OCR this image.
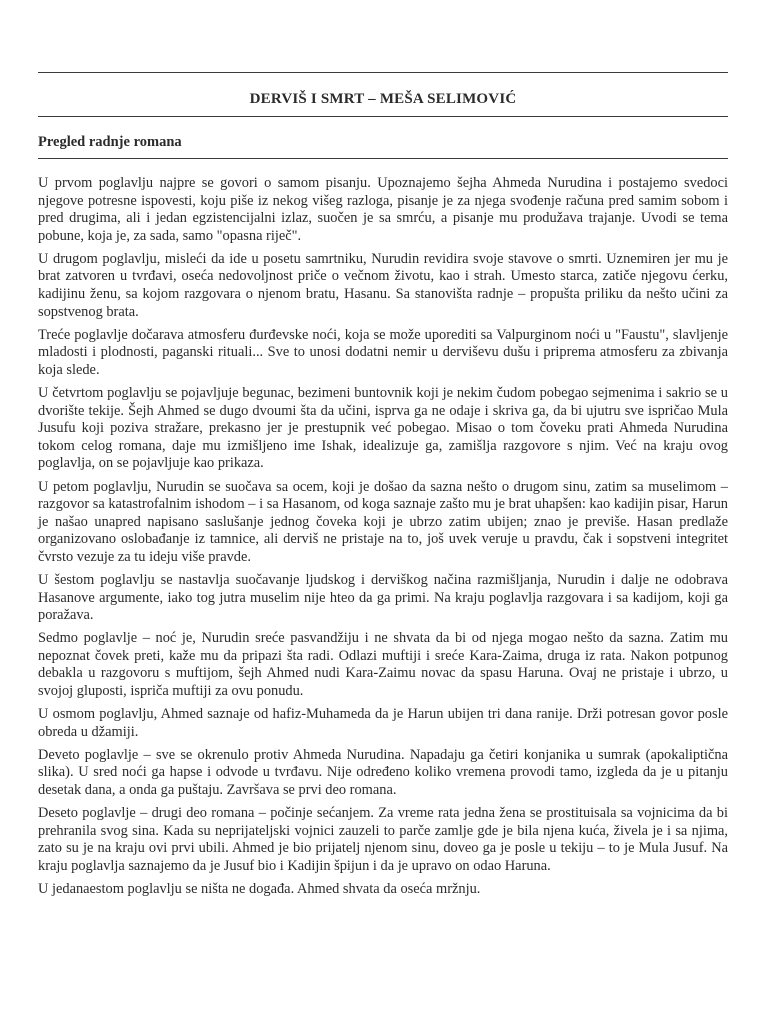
DERVIŠ I SMRT – MEŠA SELIMOVIĆ
Pregled radnje romana

U prvom poglavlju najpre se govori o samom pisanju. Upoznajemo šejha Ahmeda Nurudina i postajemo svedoci njegove potresne ispovesti, koju piše iz nekog višeg razloga, pisanje je za njega svođenje računa pred samim sobom i pred drugima, ali i jedan egzistencijalni izlaz, suočen je sa smrću, a pisanje mu produžava trajanje. Uvodi se tema pobune, koja je, za sada, samo "opasna riječ".

U drugom poglavlju, misleći da ide u posetu samrtniku, Nurudin revidira svoje stavove o smrti. Uznemiren jer mu je brat zatvoren u tvrđavi, oseća nedovoljnost priče o večnom životu, kao i strah. Umesto starca, zatiče njegovu ćerku, kadijinu ženu, sa kojom razgovara o njenom bratu, Hasanu. Sa stanovišta radnje – propušta priliku da nešto učini za sopstvenog brata.

Treće poglavlje dočarava atmosferu đurđevske noći, koja se može uporediti sa Valpurginom noći u "Faustu", slavljenje mladosti i plodnosti, paganski rituali... Sve to unosi dodatni nemir u derviševu dušu i priprema atmosferu za zbivanja koja slede.

U četvrtom poglavlju se pojavljuje begunac, bezimeni buntovnik koji je nekim čudom pobegao sejmenima i sakrio se u dvorište tekije. Šejh Ahmed se dugo dvoumi šta da učini, isprva ga ne odaje i skriva ga, da bi ujutru sve ispričao Mula Jusufu koji poziva stražare, prekasno jer je prestupnik već pobegao. Misao o tom čoveku prati Ahmeda Nurudina tokom celog romana, daje mu izmišljeno ime Ishak, idealizuje ga, zamišlja razgovore s njim. Već na kraju ovog poglavlja, on se pojavljuje kao prikaza.

U petom poglavlju, Nurudin se suočava sa ocem, koji je došao da sazna nešto o drugom sinu, zatim sa muselimom – razgovor sa katastrofalnim ishodom – i sa Hasanom, od koga saznaje zašto mu je brat uhapšen: kao kadijin pisar, Harun je našao unapred napisano saslušanje jednog čoveka koji je ubrzo zatim ubijen; znao je previše. Hasan predlaže organizovano oslobađanje iz tamnice, ali derviš ne pristaje na to, još uvek veruje u pravdu, čak i sopstveni integritet čvrsto vezuje za tu ideju više pravde.

U šestom poglavlju se nastavlja suočavanje ljudskog i derviškog načina razmišljanja, Nurudin i dalje ne odobrava Hasanove argumente, iako tog jutra muselim nije hteo da ga primi. Na kraju poglavlja razgovara i sa kadijom, koji ga poražava.

Sedmo poglavlje – noć je, Nurudin sreće pasvandžiju i ne shvata da bi od njega mogao nešto da sazna. Zatim mu nepoznat čovek preti, kaže mu da pripazi šta radi. Odlazi muftiji i sreće Kara-Zaima, druga iz rata. Nakon potpunog debakla u razgovoru s muftijom, šejh Ahmed nudi Kara-Zaimu novac da spasu Haruna. Ovaj ne pristaje i ubrzo, u svojoj gluposti, ispriča muftiji za ovu ponudu.

U osmom poglavlju, Ahmed saznaje od hafiz-Muhameda da je Harun ubijen tri dana ranije. Drži potresan govor posle obreda u džamiji.

Deveto poglavlje – sve se okrenulo protiv Ahmeda Nurudina. Napadaju ga četiri konjanika u sumrak (apokaliptična slika). U sred noći ga hapse i odvode u tvrđavu. Nije određeno koliko vremena provodi tamo, izgleda da je u pitanju desetak dana, a onda ga puštaju. Završava se prvi deo romana.

Deseto poglavlje – drugi deo romana – počinje sećanjem. Za vreme rata jedna žena se prostituisala sa vojnicima da bi prehranila svog sina. Kada su neprijateljski vojnici zauzeli to parče zamlje gde je bila njena kuća, živela je i sa njima, zato su je na kraju ovi prvi ubili. Ahmed je bio prijatelj njenom sinu, doveo ga je posle u tekiju – to je Mula Jusuf. Na kraju poglavlja saznajemo da je Jusuf bio i Kadijin špijun i da je upravo on odao Haruna.

U jedanaestom poglavlju se ništa ne događa. Ahmed shvata da oseća mržnju.
